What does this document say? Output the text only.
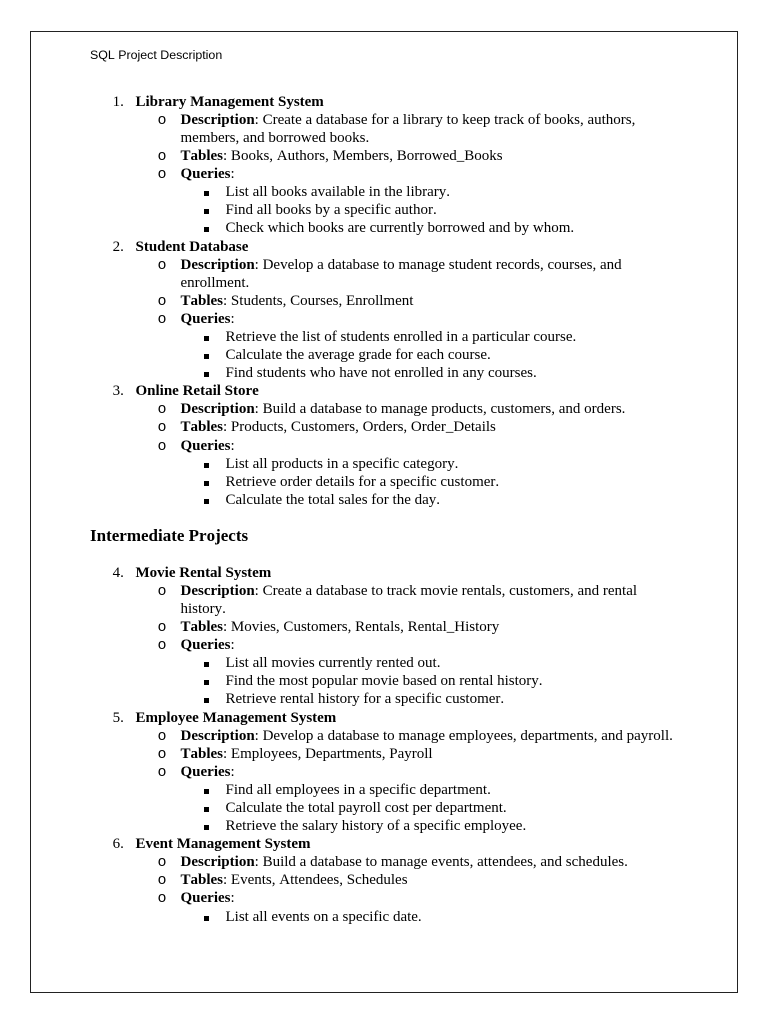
SQL Project Description
1. Library Management System
o Description: Create a database for a library to keep track of books, authors, members, and borrowed books.
o Tables: Books, Authors, Members, Borrowed_Books
o Queries:
List all books available in the library.
Find all books by a specific author.
Check which books are currently borrowed and by whom.
2. Student Database
o Description: Develop a database to manage student records, courses, and enrollment.
o Tables: Students, Courses, Enrollment
o Queries:
Retrieve the list of students enrolled in a particular course.
Calculate the average grade for each course.
Find students who have not enrolled in any courses.
3. Online Retail Store
o Description: Build a database to manage products, customers, and orders.
o Tables: Products, Customers, Orders, Order_Details
o Queries:
List all products in a specific category.
Retrieve order details for a specific customer.
Calculate the total sales for the day.
Intermediate Projects
4. Movie Rental System
o Description: Create a database to track movie rentals, customers, and rental history.
o Tables: Movies, Customers, Rentals, Rental_History
o Queries:
List all movies currently rented out.
Find the most popular movie based on rental history.
Retrieve rental history for a specific customer.
5. Employee Management System
o Description: Develop a database to manage employees, departments, and payroll.
o Tables: Employees, Departments, Payroll
o Queries:
Find all employees in a specific department.
Calculate the total payroll cost per department.
Retrieve the salary history of a specific employee.
6. Event Management System
o Description: Build a database to manage events, attendees, and schedules.
o Tables: Events, Attendees, Schedules
o Queries:
List all events on a specific date.
